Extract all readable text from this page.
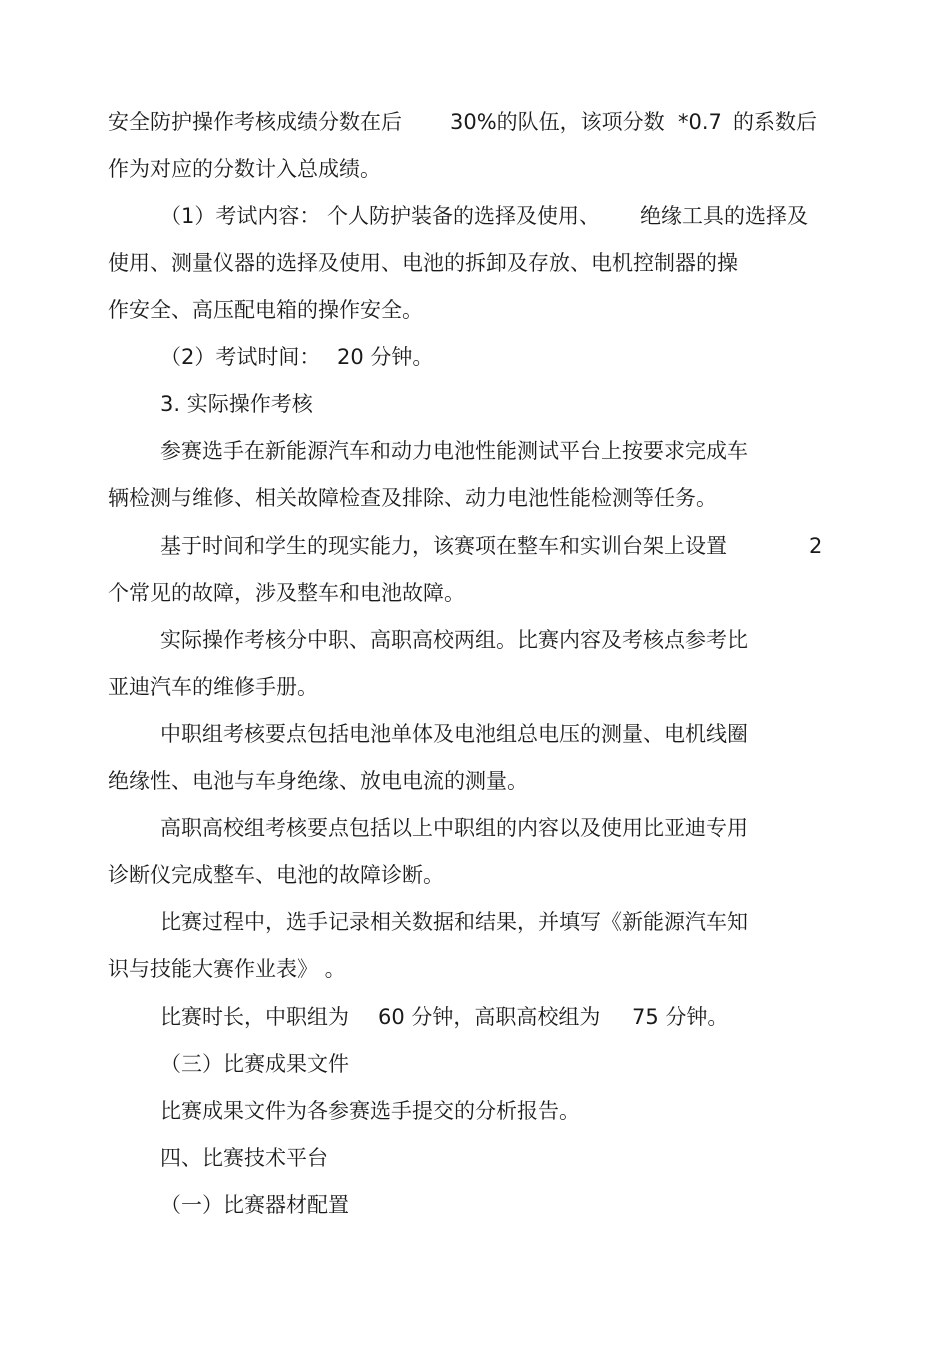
安全防护操作考核成绩分数在后 30%的队伍，该项分数 *0.7 的系数后
作为对应的分数计入总成绩。
（1）考试内容： 个人防护装备的选择及使用、 绝缘工具的选择及
使用、测量仪器的选择及使用、电池的拆卸及存放、电机控制器的操
作安全、高压配电箱的操作安全。
（2）考试时间： 20 分钟。
3. 实际操作考核
参赛选手在新能源汽车和动力电池性能测试平台上按要求完成车
辆检测与维修、相关故障检查及排除、动力电池性能检测等任务。
基于时间和学生的现实能力，该赛项在整车和实训台架上设置	2
个常见的故障，涉及整车和电池故障。
实际操作考核分中职、高职高校两组。比赛内容及考核点参考比
亚迪汽车的维修手册。
中职组考核要点包括电池单体及电池组总电压的测量、电机线圈
绝缘性、电池与车身绝缘、放电电流的测量。
高职高校组考核要点包括以上中职组的内容以及使用比亚迪专用
诊断仪完成整车、电池的故障诊断。
比赛过程中，选手记录相关数据和结果，并填写《新能源汽车知
识与技能大赛作业表》 。
比赛时长，中职组为 60 分钟，高职高校组为 75 分钟。
（三）比赛成果文件
比赛成果文件为各参赛选手提交的分析报告。
四、比赛技术平台
（一）比赛器材配置
